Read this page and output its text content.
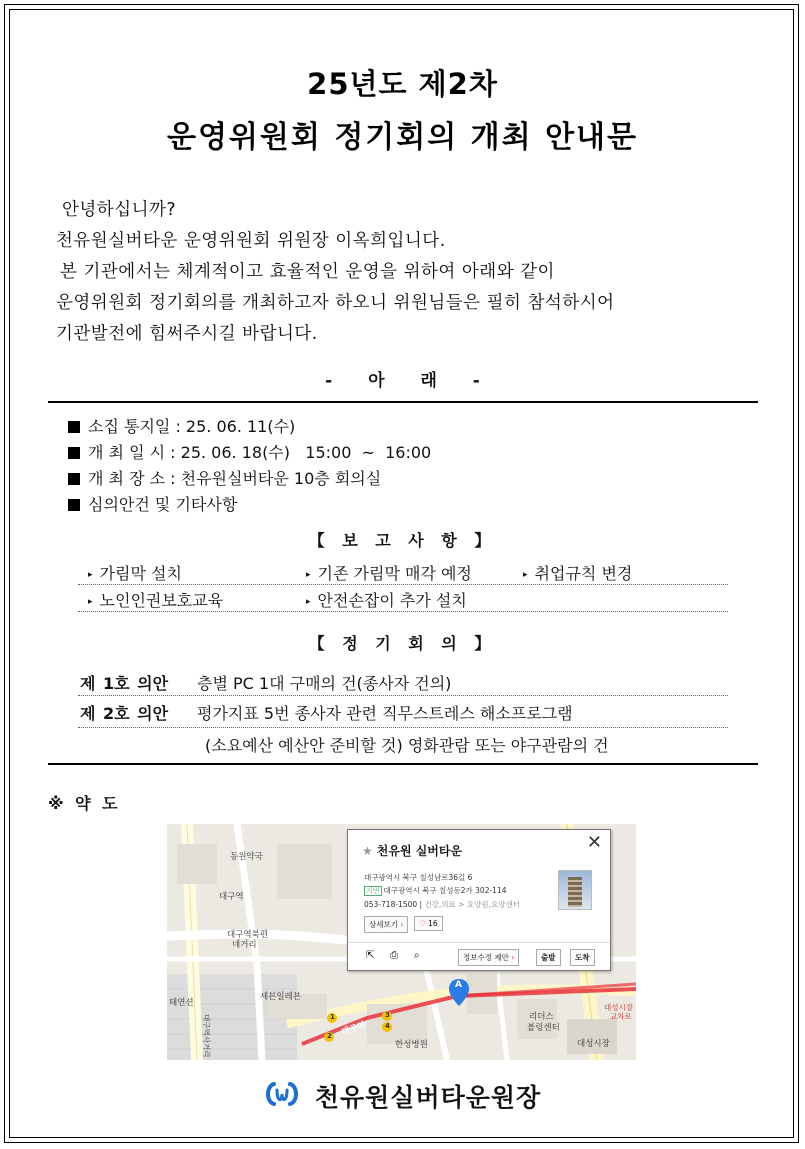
25년도 제2차
운영위원회 정기회의 개최 안내문
안녕하십니까?
천유원실버타운 운영위원회 위원장 이옥희입니다.
본 기관에서는 체계적이고 효율적인 운영을 위하여 아래와 같이
운영위원회 정기회의를 개최하고자 하오니 위원님들은 필히 참석하시어
기관발전에 힘써주시길 바랍니다.
- 아 래 -
소집 통지일 : 25. 06. 11(수)
개 최 일 시 : 25. 06. 18(수)   15:00  ~  16:00
개 최 장 소 : 천유원실버타운 10층 회의실
심의안건 및 기타사항
【 보 고 사 항 】
▸ 가림막 설치	▸ 기존 가림막 매각 예정	▸ 취업규칙 변경
▸ 노인인권보호교육	▸ 안전손잡이 추가 설치
【 정 기 회 의 】
제 1호 의안 층별 PC 1대 구매의 건(종사자 건의)
제 2호 의안 평가지표 5번 종사자 관련 직무스트레스 해소프로그램
(소요예산 예산안 준비할 것) 영화관람 또는 야구관람의 건
※ 약 도
동원약국
대구역
대구역북편
네거리
태연션
세븐일레븐
대구역
한성병원
리더스
볼링센터
대성시장
대성시장
교차로
대구역사거리
A
1
2
3
4
★ 천유원 실버타운	✕
대구광역시 북구 칠성남로36길 6
지번 대구광역시 북구 칠성동2가 302-114
053-718-1500 | 건강,의료 > 요양원,요양센터
상세보기 ›	♡ 16
⇱	⎙	⌕	정보수정 제안 ›	출발	도착
천유원실버타운원장
